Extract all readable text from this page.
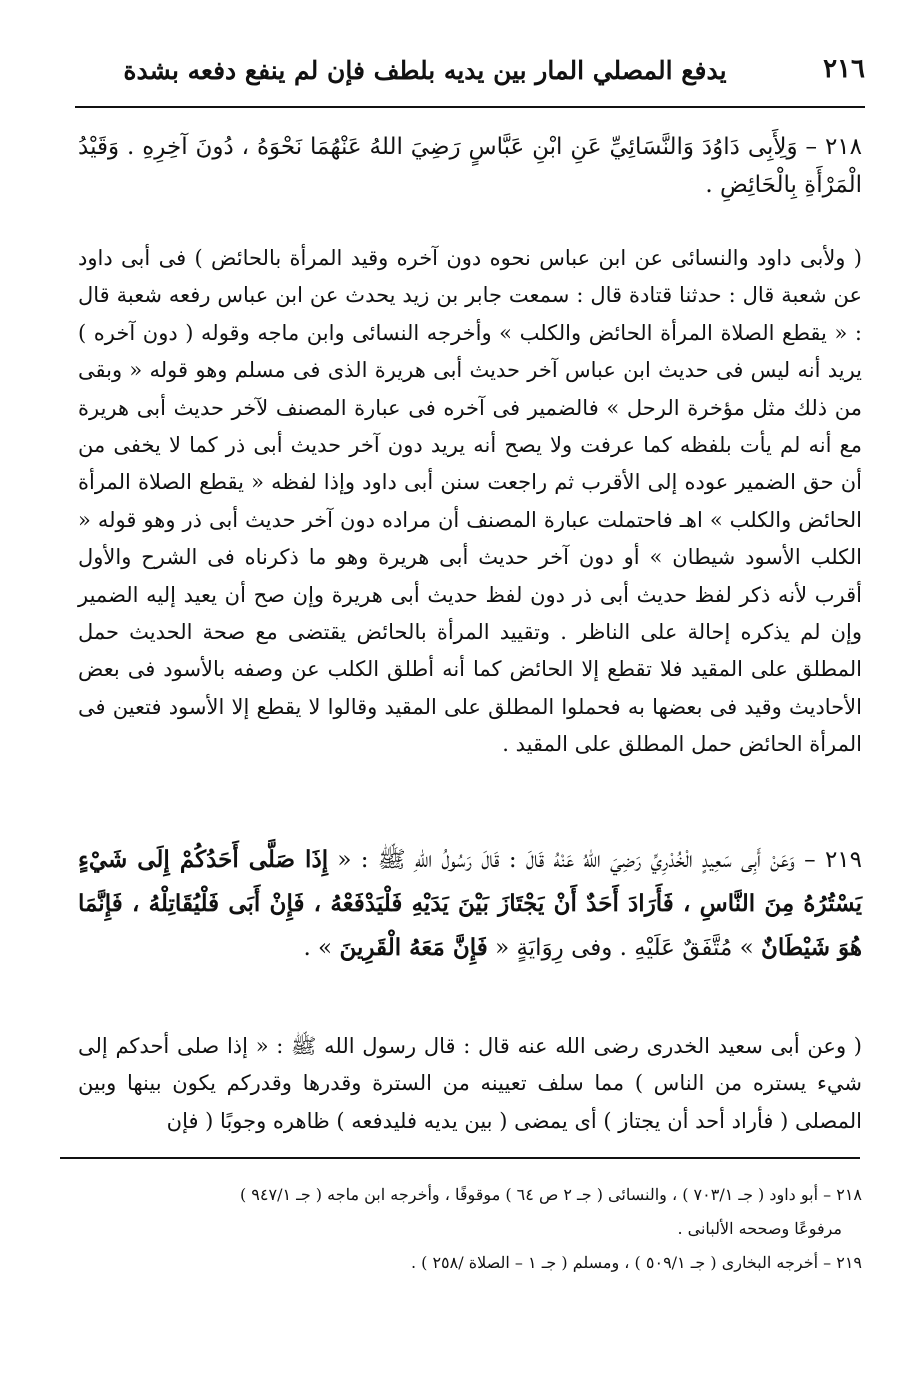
٢١٦
يدفع المصلي المار بين يديه بلطف فإن لم ينفع دفعه بشدة
٢١٨ – وَلِأَبِى دَاوُدَ وَالنَّسَائِيِّ عَنِ ابْنِ عَبَّاسٍ رَضِيَ اللهُ عَنْهُمَا نَحْوَهُ ، دُونَ آخِرِهِ . وَقَيْدُ الْمَرْأَةِ بِالْحَائِضِ .
( ولأبى داود والنسائى عن ابن عباس نحوه دون آخره وقيد المرأة بالحائض ) فى أبى داود عن شعبة قال : حدثنا قتادة قال : سمعت جابر بن زيد يحدث عن ابن عباس رفعه شعبة قال : « يقطع الصلاة المرأة الحائض والكلب » وأخرجه النسائى وابن ماجه وقوله ( دون آخره ) يريد أنه ليس فى حديث ابن عباس آخر حديث أبى هريرة الذى فى مسلم وهو قوله « وبقى من ذلك مثل مؤخرة الرحل » فالضمير فى آخره فى عبارة المصنف لآخر حديث أبى هريرة مع أنه لم يأت بلفظه كما عرفت ولا يصح أنه يريد دون آخر حديث أبى ذر كما لا يخفى من أن حق الضمير عوده إلى الأقرب ثم راجعت سنن أبى داود وإذا لفظه « يقطع الصلاة المرأة الحائض والكلب » اهـ فاحتملت عبارة المصنف أن مراده دون آخر حديث أبى ذر وهو قوله « الكلب الأسود شيطان » أو دون آخر حديث أبى هريرة وهو ما ذكرناه فى الشرح والأول أقرب لأنه ذكر لفظ حديث أبى ذر دون لفظ حديث أبى هريرة وإن صح أن يعيد إليه الضمير وإن لم يذكره إحالة على الناظر . وتقييد المرأة بالحائض يقتضى مع صحة الحديث حمل المطلق على المقيد فلا تقطع إلا الحائض كما أنه أطلق الكلب عن وصفه بالأسود فى بعض الأحاديث وقيد فى بعضها به فحملوا المطلق على المقيد وقالوا لا يقطع إلا الأسود فتعين فى المرأة الحائض حمل المطلق على المقيد .
٢١٩ – وَعَنْ أَبِى سَعِيدٍ الْخُدْرِيِّ رَضِيَ اللهُ عَنْهُ قَالَ : قَالَ رَسُولُ اللهِ ﷺ : « إِذَا صَلَّى أَحَدُكُمْ إِلَى شَيْءٍ يَسْتُرُهُ مِنَ النَّاسِ ، فَأَرَادَ أَحَدٌ أَنْ يَجْتَازَ بَيْنَ يَدَيْهِ فَلْيَدْفَعْهُ ، فَإِنْ أَبَى فَلْيُقَاتِلْهُ ، فَإِنَّمَا هُوَ شَيْطَانٌ » مُتَّفَقٌ عَلَيْهِ . وفى رِوَايَةٍ « فَإِنَّ مَعَهُ الْقَرِينَ » .
( وعن أبى سعيد الخدرى رضى الله عنه قال : قال رسول الله ﷺ : « إذا صلى أحدكم إلى شيء يستره من الناس ) مما سلف تعيينه من السترة وقدرها وقدركم يكون بينها وبين المصلى ( فأراد أحد أن يجتاز ) أى يمضى ( بين يديه فليدفعه ) ظاهره وجوبًا ( فإن
٢١٨ – أبو داود ( جـ ٧٠٣/١ ) ، والنسائى ( جـ ٢ ص ٦٤ ) موقوفًا ، وأخرجه ابن ماجه ( جـ ٩٤٧/١ )
مرفوعًا وصححه الألبانى .
٢١٩ – أخرجه البخارى ( جـ ٥٠٩/١ ) ، ومسلم ( جـ ١ – الصلاة /٢٥٨ ) .
